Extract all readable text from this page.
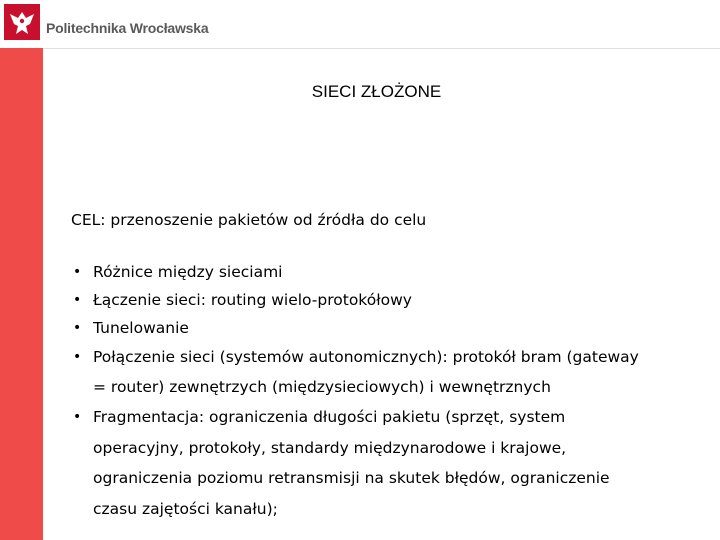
Politechnika Wrocławska
SIECI ZŁOŻONE
CEL: przenoszenie pakietów od źródła do celu
• Różnice między sieciami
• Łączenie sieci: routing wielo-protokółowy
• Tunelowanie
• Połączenie sieci (systemów autonomicznych): protokół bram (gateway
= router) zewnętrzych (międzysieciowych) i wewnętrznych
• Fragmentacja: ograniczenia długości pakietu (sprzęt, system
operacyjny, protokoły, standardy międzynarodowe i krajowe,
ograniczenia poziomu retransmisji na skutek błędów, ograniczenie
czasu zajętości kanału);
